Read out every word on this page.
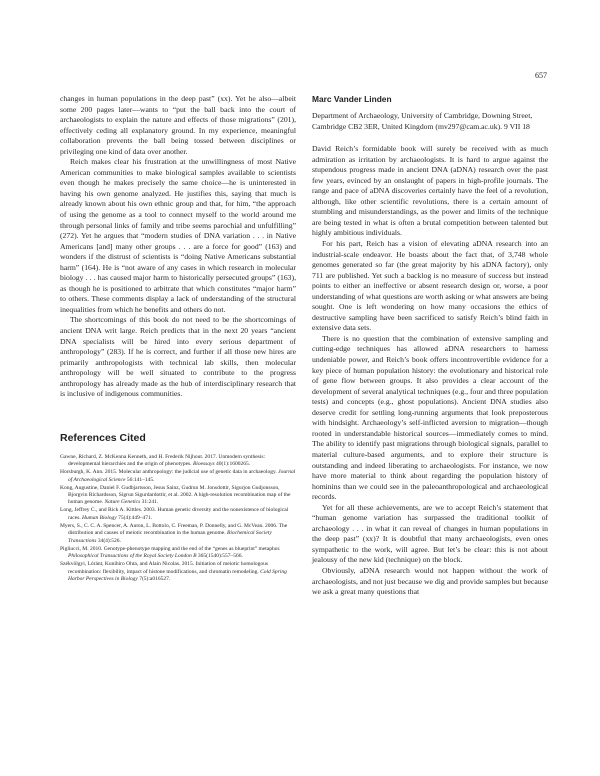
657

changes in human populations in the deep past” (xx). Yet he also—albeit some 200 pages later—wants to “put the ball back into the court of archaeologists to explain the nature and effects of those migrations” (201), effectively ceding all explanatory ground. In my experience, meaningful collaboration prevents the ball being tossed between disciplines or privileging one kind of data over another.

Reich makes clear his frustration at the unwillingness of most Native American communities to make biological samples available to scientists even though he makes precisely the same choice—he is uninterested in having his own genome analyzed. He justifies this, saying that much is already known about his own ethnic group and that, for him, “the approach of using the genome as a tool to connect myself to the world around me through personal links of family and tribe seems parochial and unfulfilling” (272). Yet he argues that “modern studies of DNA variation . . . in Native Americans [and] many other groups . . . are a force for good” (163) and wonders if the distrust of scientists is “doing Native Americans substantial harm” (164). He is “not aware of any cases in which research in molecular biology . . . has caused major harm to historically persecuted groups” (163), as though he is positioned to arbitrate that which constitutes “major harm” to others. These comments display a lack of understanding of the structural inequalities from which he benefits and others do not.

The shortcomings of this book do not need to be the shortcomings of ancient DNA writ large. Reich predicts that in the next 20 years “ancient DNA specialists will be hired into every serious department of anthropology” (283). If he is correct, and further if all those new hires are primarily anthropologists with technical lab skills, then molecular anthropology will be well situated to contribute to the progress anthropology has already made as the hub of interdisciplinary research that is inclusive of indigenous communities.

References Cited
Gawne, Richard, Z. McKenna Kenneth, and H. Frederik Nijhout. 2017. Unmodern synthesis: developmental hierarchies and the origin of phenotypes. Bioessays 40(1):1600265.
Horsburgh, K. Ann. 2015. Molecular anthropology: the judicial use of genetic data in archaeology. Journal of Archaeological Science 56:141–145.
Kong, Augustine, Daniel F. Gudbjartsson, Jesus Sainz, Gudrun M. Jonsdottir, Sigurjon Gudjonsson, Bjorgvin Richardsson, Sigrun Sigurdardottir, et al. 2002. A high-resolution recombination map of the human genome. Nature Genetics 31:241.
Long, Jeffrey C., and Rick A. Kittles. 2003. Human genetic diversity and the nonexistence of biological races. Human Biology 75(4):449–471.
Myers, S., C. C. A. Spencer, A. Auton, L. Bottolo, C. Freeman, P. Donnelly, and G. McVean. 2006. The distribution and causes of meiotic recombination in the human genome. Biochemical Society Transactions 34(4):526.
Pigliucci, M. 2010. Genotype-phenotype mapping and the end of the “genes as blueprint” metaphor. Philosophical Transactions of the Royal Society London B 365(1540):557–566.
Székvölgyi, Lóránt, Kunihiro Ohta, and Alain Nicolas. 2015. Initiation of meiotic homologous recombination: flexibility, impact of histone modifications, and chromatin remodeling. Cold Spring Harbor Perspectives in Biology 7(5):a016527.
Marc Vander Linden
Department of Archaeology, University of Cambridge, Downing Street, Cambridge CB2 3ER, United Kingdom (mv297@cam.ac.uk). 9 VII 18

David Reich’s formidable book will surely be received with as much admiration as irritation by archaeologists. It is hard to argue against the stupendous progress made in ancient DNA (aDNA) research over the past few years, evinced by an onslaught of papers in high-profile journals. The range and pace of aDNA discoveries certainly have the feel of a revolution, although, like other scientific revolutions, there is a certain amount of stumbling and misunderstandings, as the power and limits of the technique are being tested in what is often a brutal competition between talented but highly ambitious individuals.

For his part, Reich has a vision of elevating aDNA research into an industrial-scale endeavor. He boasts about the fact that, of 3,748 whole genomes generated so far (the great majority by his aDNA factory), only 711 are published. Yet such a backlog is no measure of success but instead points to either an ineffective or absent research design or, worse, a poor understanding of what questions are worth asking or what answers are being sought. One is left wondering on how many occasions the ethics of destructive sampling have been sacrificed to satisfy Reich’s blind faith in extensive data sets.

There is no question that the combination of extensive sampling and cutting-edge techniques has allowed aDNA researchers to harness undeniable power, and Reich’s book offers incontrovertible evidence for a key piece of human population history: the evolutionary and historical role of gene flow between groups. It also provides a clear account of the development of several analytical techniques (e.g., four and three population tests) and concepts (e.g., ghost populations). Ancient DNA studies also deserve credit for settling long-running arguments that look preposterous with hindsight. Archaeology’s self-inflicted aversion to migration—though rooted in understandable historical sources—immediately comes to mind. The ability to identify past migrations through biological signals, parallel to material culture-based arguments, and to explore their structure is outstanding and indeed liberating to archaeologists. For instance, we now have more material to think about regarding the population history of hominins than we could see in the paleoanthropological and archaeological records.

Yet for all these achievements, are we to accept Reich’s statement that “human genome variation has surpassed the traditional toolkit of archaeology . . . in what it can reveal of changes in human populations in the deep past” (xx)? It is doubtful that many archaeologists, even ones sympathetic to the work, will agree. But let’s be clear: this is not about jealousy of the new kid (technique) on the block.

Obviously, aDNA research would not happen without the work of archaeologists, and not just because we dig and provide samples but because we ask a great many questions that
